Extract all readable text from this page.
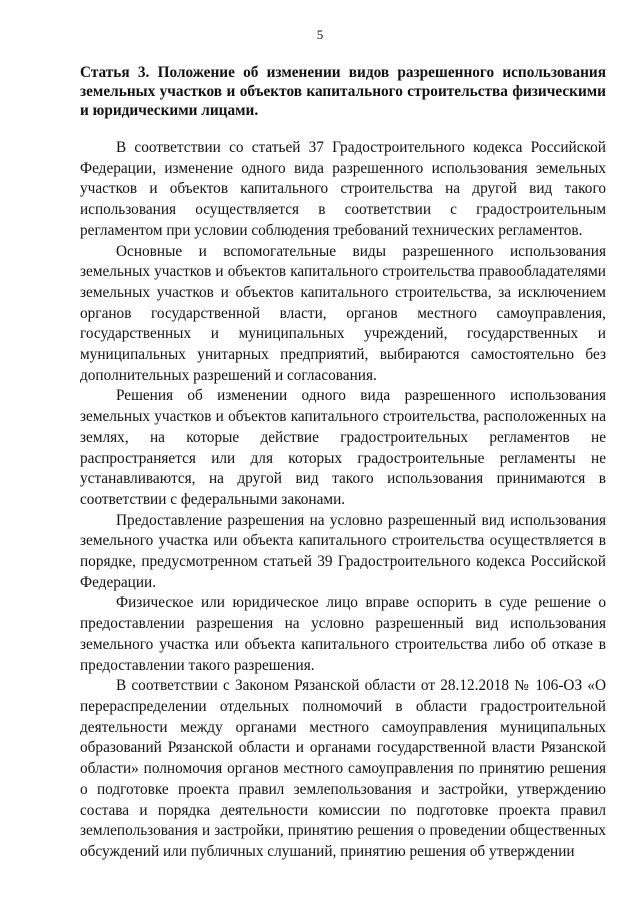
5
Статья 3. Положение об изменении видов разрешенного использования земельных участков и объектов капитального строительства физическими и юридическими лицами.

В соответствии со статьей 37 Градостроительного кодекса Российской Федерации, изменение одного вида разрешенного использования земельных участков и объектов капитального строительства на другой вид такого использования осуществляется в соответствии с градостроительным регламентом при условии соблюдения требований технических регламентов.

Основные и вспомогательные виды разрешенного использования земельных участков и объектов капитального строительства правообладателями земельных участков и объектов капитального строительства, за исключением органов государственной власти, органов местного самоуправления, государственных и муниципальных учреждений, государственных и муниципальных унитарных предприятий, выбираются самостоятельно без дополнительных разрешений и согласования.

Решения об изменении одного вида разрешенного использования земельных участков и объектов капитального строительства, расположенных на землях, на которые действие градостроительных регламентов не распространяется или для которых градостроительные регламенты не устанавливаются, на другой вид такого использования принимаются в соответствии с федеральными законами.

Предоставление разрешения на условно разрешенный вид использования земельного участка или объекта капитального строительства осуществляется в порядке, предусмотренном статьей 39 Градостроительного кодекса Российской Федерации.

Физическое или юридическое лицо вправе оспорить в суде решение о предоставлении разрешения на условно разрешенный вид использования земельного участка или объекта капитального строительства либо об отказе в предоставлении такого разрешения.

В соответствии с Законом Рязанской области от 28.12.2018 № 106-ОЗ «О перераспределении отдельных полномочий в области градостроительной деятельности между органами местного самоуправления муниципальных образований Рязанской области и органами государственной власти Рязанской области» полномочия органов местного самоуправления по принятию решения о подготовке проекта правил землепользования и застройки, утверждению состава и порядка деятельности комиссии по подготовке проекта правил землепользования и застройки, принятию решения о проведении общественных обсуждений или публичных слушаний, принятию решения об утверждении
